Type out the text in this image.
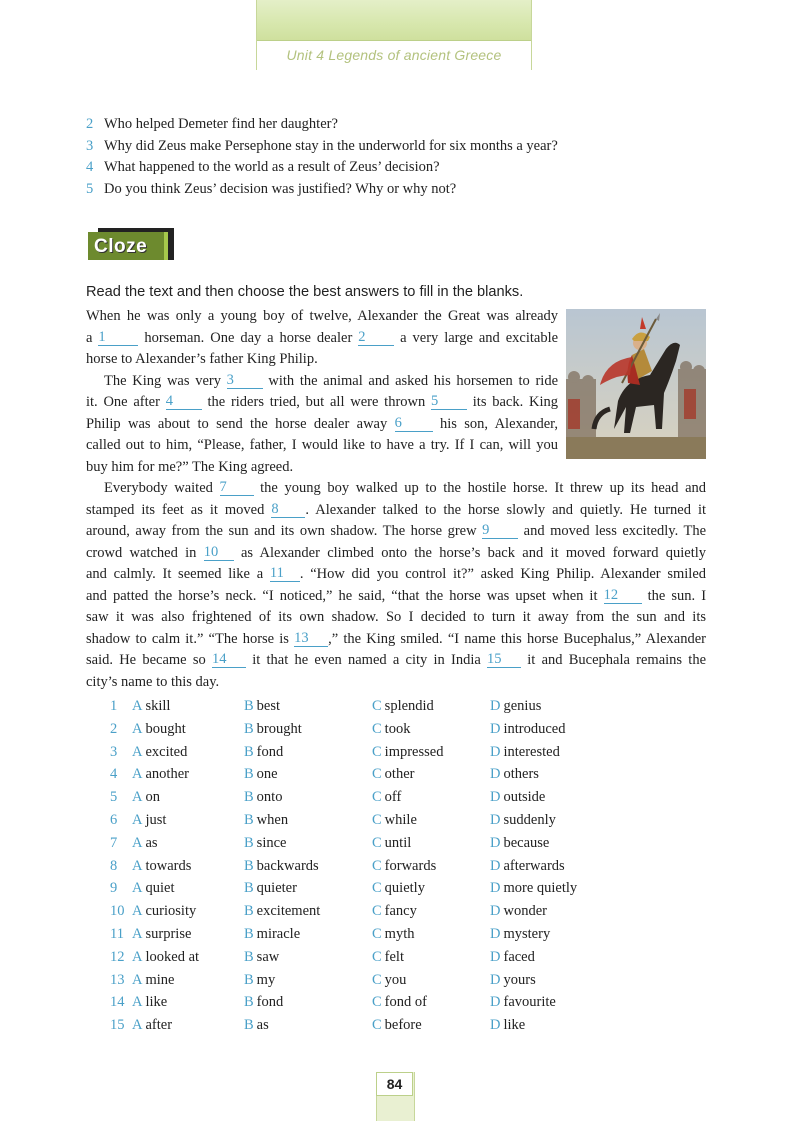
Unit 4 Legends of ancient Greece
2 Who helped Demeter find her daughter?
3 Why did Zeus make Persephone stay in the underworld for six months a year?
4 What happened to the world as a result of Zeus’ decision?
5 Do you think Zeus’ decision was justified? Why or why not?
Cloze
Read the text and then choose the best answers to fill in the blanks.
When he was only a young boy of twelve, Alexander the Great was already
a 1	horseman. One day a horse dealer 2 a very large and excitable
horse to Alexander’s father King Philip.
The King was very 3 with the animal and asked his horsemen to ride
it. One after 4 the riders tried, but all were thrown 5 its back. King
Philip was about to send the horse dealer away 6	his son, Alexander,
called out to him, “Please, father, I would like to have a try. If I can, will you
buy him for me?” The King agreed.
Everybody waited 7 the young boy walked up to the hostile horse. It threw up its head and
stamped its feet as it moved 8 . Alexander talked to the horse slowly and quietly. He turned it
around, away from the sun and its own shadow. The horse grew 9 and moved less excitedly. The
crowd watched in 10 as Alexander climbed onto the horse’s back and it moved forward quietly
and calmly. It seemed like a 11 . “How did you control it?” asked King Philip. Alexander smiled
and patted the horse’s neck. “I noticed,” he said, “that the horse was upset when it 12 the sun. I
saw it was also frightened of its own shadow. So I decided to turn it away from the sun and its
shadow to calm it.” “The horse is 13 ,” the King smiled. “I name this horse Bucephalus,” Alexander
said. He became so 14 it that he even named a city in India 15 it and Bucephala remains the
city’s name to this day.
1	A skill	B best	C splendid	D genius
2	A bought	B brought	C took	D introduced
3	A excited	B fond	C impressed	D interested
4	A another	B one	C other	D others
5	A on	B onto	C off	D outside
6	A just	B when	C while	D suddenly
7	A as	B since	C until	D because
8	A towards	B backwards	C forwards	D afterwards
9	A quiet	B quieter	C quietly	D more quietly
10 A curiosity	B excitement	C fancy	D wonder
11 A surprise	B miracle	C myth	D mystery
12 A looked at	B saw	C felt	D faced
13 A mine	B my	C you	D yours
14 A like	B fond	C fond of	D favourite
15 A after	B as	C before	D like
84
